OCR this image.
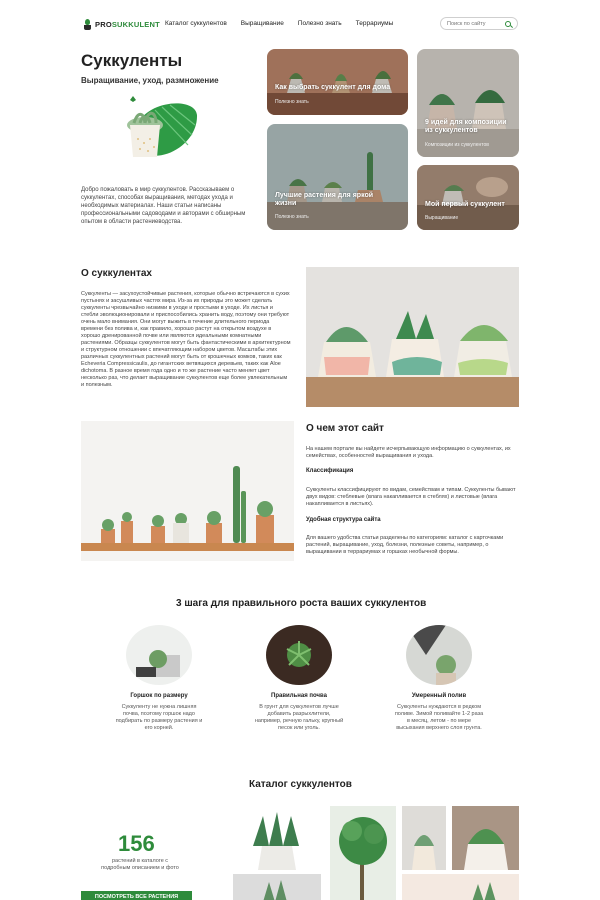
PROSUKKULENT Каталог суккулентов Выращивание Полезно знать Террариумы
Поиск по сайту
Суккуленты
Выращивание, уход, размножение
Добро пожаловать в мир суккулентов. Рассказываем о суккулентах, способах выращивания, методах ухода и необходимых материалах. Наши статьи написаны профессиональными садоводами и авторами с обширным опытом в области растениеводства.
Как выбрать суккулент для дома
Полезно знать
9 идей для композиции из суккулентов
Композиции из суккулентов
Лучшие растения для яркой жизни
Полезно знать
Мой первый суккулент
Выращивание
О суккулентах
Суккуленты — засухоустойчивые растения, которые обычно встречаются в сухих пустынях и засушливых частях мира. Из-за их природы это может сделать суккуленты чрезвычайно низкими в уходе и простыми в уходе. Их листья и стебли эволюционировали и приспособились хранить воду, поэтому они требуют очень мало внимания. Они могут выжить в течение длительного периода времени без полива и, как правило, хорошо растут на открытом воздухе в хорошо дренированной почве или являются идеальными комнатными растениями. Образцы суккулентов могут быть фантастическими в архитектурном и структурном отношении с впечатляющим набором цветов. Масштабы этих различных суккулентных растений могут быть от крошечных комков, таких как Echeveria Compressicaulis, до гигантских ветвящихся деревьев, таких как Aloe dichotoma. В разное время года одно и то же растение часто меняет цвет несколько раз, что делает выращивание суккулентов еще более увлекательным и полезным.
О чем этот сайт
На нашем портале вы найдете исчерпывающую информацию о суккулентах, их семействах, особенностей выращивания и ухода.
Классификация
Суккуленты классифицируют по видам, семействам и типам. Суккуленты бывают двух видов: стеблевые (влага накапливается в стеблях) и листовые (влага накапливается в листьях).
Удобная структура сайта
Для вашего удобства статьи разделены по категориям: каталог с карточками растений, выращивание, уход, болезни, полезные советы, например, о выращивании в террариумах и горшках необычной формы.
3 шага для правильного роста ваших суккулентов
Горшок по размеру
Суккуленту не нужна лишняя почва, поэтому горшок надо подбирать по размеру растения и его корней.
Правильная почва
В грунт для суккулентов лучше добавить разрыхлители, например, речную гальку, крупный песок или уголь.
Умеренный полив
Суккуленты нуждаются в редком поливе. Зимой поливайте 1-2 раза в месяц, летом - по мере высыхания верхнего слоя грунта.
Каталог суккулентов
156
растений в каталоге с подробным описанием и фото
ПОСМОТРЕТЬ ВСЕ РАСТЕНИЯ
